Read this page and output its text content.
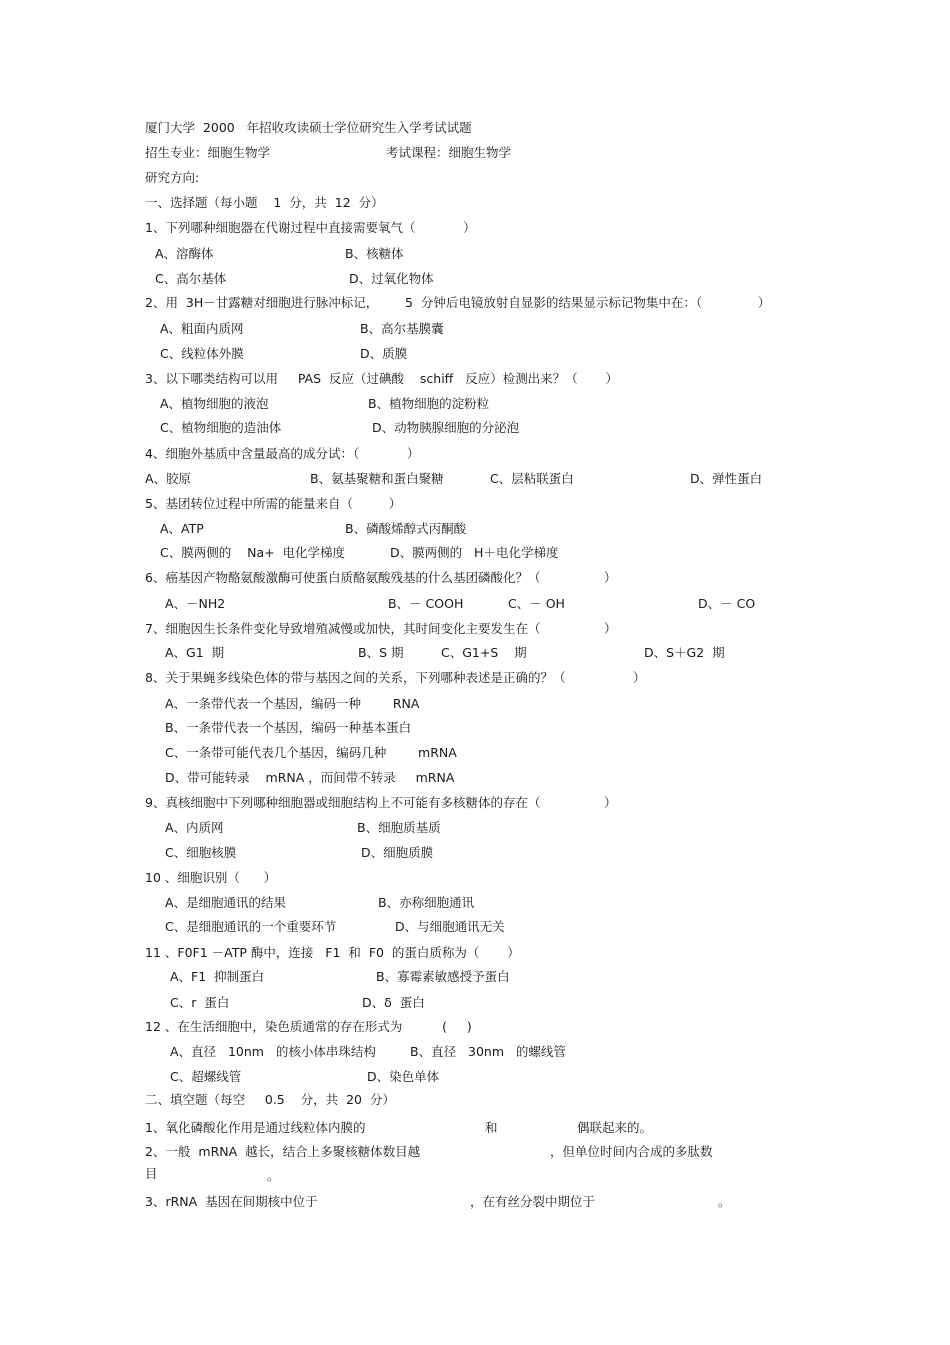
厦门大学  2000   年招收攻读硕士学位研究生入学考试试题
招生专业：细胞生物学	考试课程：细胞生物学
研究方向:
一、选择题（每小题    1  分，共  12  分）
1、下列哪种细胞器在代谢过程中直接需要氧气（            ）
A、溶酶体	B、核糖体
C、高尔基体	D、过氧化物体
2、用  3H－甘露糖对细胞进行脉冲标记， 5  分钟后电镜放射自显影的结果显示标记物集中在：（              ）
A、粗面内质网	B、高尔基膜囊
C、线粒体外膜	D、质膜
3、以下哪类结构可以用     PAS  反应（过碘酸    schiff   反应）检测出来？（       ）
A、植物细胞的液泡	B、植物细胞的淀粉粒
C、植物细胞的造油体	D、动物胰腺细胞的分泌泡
4、细胞外基质中含量最高的成分试：（            ）
A、胶原	B、氨基聚糖和蛋白聚糖	C、层粘联蛋白	D、弹性蛋白
5、基团转位过程中所需的能量来自（         ）
A、ATP	B、磷酸烯醇式丙酮酸
C、膜两侧的    Na+  电化学梯度	D、膜两侧的   H＋电化学梯度
6、癌基因产物酪氨酸激酶可使蛋白质酪氨酸残基的什么基团磷酸化？（                ）
A、－NH2	B、－ COOH	C、－ OH	D、－ CO
7、细胞因生长条件变化导致增殖减慢或加快，其时间变化主要发生在（                ）
A、G1  期	B、S 期	C、G1+S    期	D、S＋G2  期
8、关于果蝇多线染色体的带与基因之间的关系，下列哪种表述是正确的？（                 ）
A、一条带代表一个基因，编码一种        RNA
B、一条带代表一个基因，编码一种基本蛋白
C、一条带可能代表几个基因，编码几种        mRNA
D、带可能转录    mRNA ，而间带不转录     mRNA
9、真核细胞中下列哪种细胞器或细胞结构上不可能有多核糖体的存在（                ）
A、内质网	B、细胞质基质
C、细胞核膜	D、细胞质膜
10 、细胞识别（      ）
A、是细胞通讯的结果	B、亦称细胞通讯
C、是细胞通讯的一个重要环节	D、与细胞通讯无关
11 、F0F1 －ATP 酶中，连接   F1  和  F0  的蛋白质称为（       ）
A、F1  抑制蛋白	B、寡霉素敏感授予蛋白
C、r  蛋白	D、δ  蛋白
12 、在生活细胞中，染色质通常的存在形式为          (     )
A、直径   10nm   的核小体串珠结构	B、直径   30nm   的螺线管
C、超螺线管	D、染色单体
二、填空题（每空     0.5    分，共  20  分）
1、氧化磷酸化作用是通过线粒体内膜的	和	偶联起来的。
2、一般  mRNA  越长，结合上多聚核糖体数目越	，但单位时间内合成的多肽数
目	。
3、rRNA  基因在间期核中位于	，在有丝分裂中期位于	。
